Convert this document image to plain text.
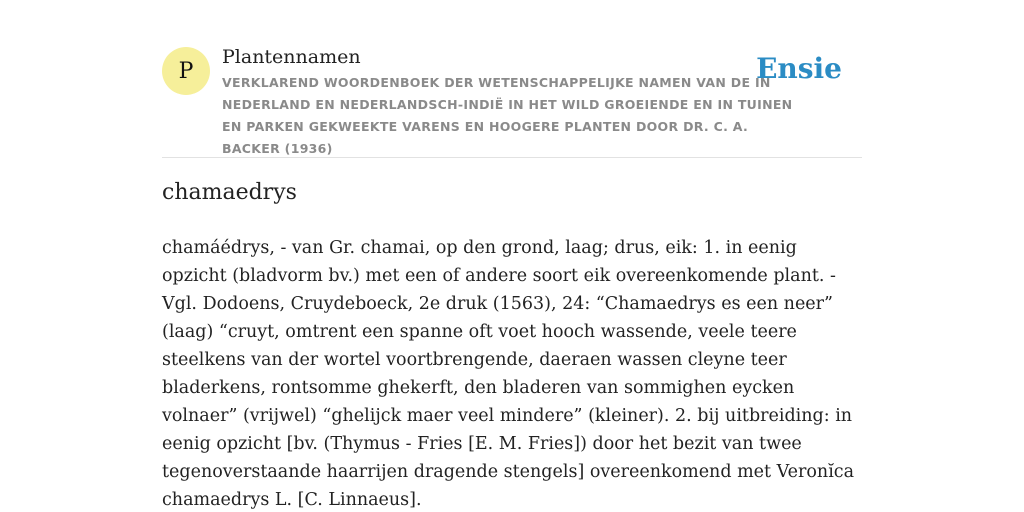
P
Plantennamen
VERKLAREND WOORDENBOEK DER WETENSCHAPPELIJKE NAMEN VAN DE IN NEDERLAND EN NEDERLANDSCH-INDIË IN HET WILD GROEIENDE EN IN TUINEN EN PARKEN GEKWEEKTE VARENS EN HOOGERE PLANTEN DOOR DR. C. A. BACKER (1936)
Ensie
chamaedrys

chamáédrys, - van Gr. chamai, op den grond, laag; drus, eik: 1. in eenig opzicht (bladvorm bv.) met een of andere soort eik overeenkomende plant. - Vgl. Dodoens, Cruydeboeck, 2e druk (1563), 24: “Chamaedrys es een neer” (laag) “cruyt, omtrent een spanne oft voet hooch wassende, veele teere steelkens van der wortel voortbrengende, daeraen wassen cleyne teer bladerkens, rontsomme ghekerft, den bladeren van sommighen eycken volnaer” (vrijwel) “ghelijck maer veel mindere” (kleiner). 2. bij uitbreiding: in eenig opzicht [bv. (Thymus - Fries [E. M. Fries]) door het bezit van twee tegenoverstaande haarrijen dragende stengels] overeenkomend met Veronĭca chamaedrys L. [C. Linnaeus].
